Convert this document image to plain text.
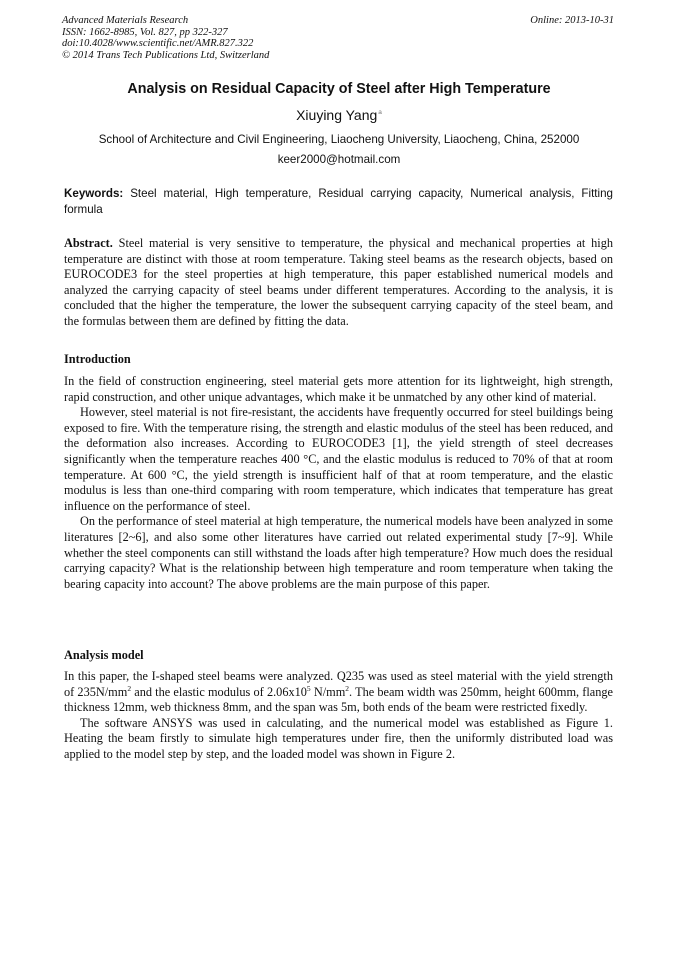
Advanced Materials Research
ISSN: 1662-8985, Vol. 827, pp 322-327
doi:10.4028/www.scientific.net/AMR.827.322
© 2014 Trans Tech Publications Ltd, Switzerland
Online: 2013-10-31
Analysis on Residual Capacity of Steel after High Temperature
Xiuying Yang$^a$
School of Architecture and Civil Engineering, Liaocheng University, Liaocheng, China, 252000
keer2000@hotmail.com
Keywords: Steel material, High temperature, Residual carrying capacity, Numerical analysis, Fitting formula

Abstract. Steel material is very sensitive to temperature, the physical and mechanical properties at high temperature are distinct with those at room temperature. Taking steel beams as the research objects, based on EUROCODE3 for the steel properties at high temperature, this paper established numerical models and analyzed the carrying capacity of steel beams under different temperatures. According to the analysis, it is concluded that the higher the temperature, the lower the subsequent carrying capacity of the steel beam, and the formulas between them are defined by fitting the data.

Introduction

In the field of construction engineering, steel material gets more attention for its lightweight, high strength, rapid construction, and other unique advantages, which make it be unmatched by any other kind of material.

However, steel material is not fire-resistant, the accidents have frequently occurred for steel buildings being exposed to fire. With the temperature rising, the strength and elastic modulus of the steel has been reduced, and the deformation also increases. According to EUROCODE3 [1], the yield strength of steel decreases significantly when the temperature reaches 400 °C, and the elastic modulus is reduced to 70% of that at room temperature. At 600 °C, the yield strength is insufficient half of that at room temperature, and the elastic modulus is less than one-third comparing with room temperature, which indicates that temperature has great influence on the performance of steel.

On the performance of steel material at high temperature, the numerical models have been analyzed in some literatures [2~6], and also some other literatures have carried out related experimental study [7~9]. While whether the steel components can still withstand the loads after high temperature? How much does the residual carrying capacity? What is the relationship between high temperature and room temperature when taking the bearing capacity into account? The above problems are the main purpose of this paper.

Analysis model

In this paper, the I-shaped steel beams were analyzed. Q235 was used as steel material with the yield strength of $235N/mm^2$ and the elastic modulus of $2.06x10^5$ $N/mm^2$. The beam width was 250mm, height 600mm, flange thickness 12mm, web thickness 8mm, and the span was 5m, both ends of the beam were restricted fixedly.

The software ANSYS was used in calculating, and the numerical model was established as Figure 1. Heating the beam firstly to simulate high temperatures under fire, then the uniformly distributed load was applied to the model step by step, and the loaded model was shown in Figure 2.
